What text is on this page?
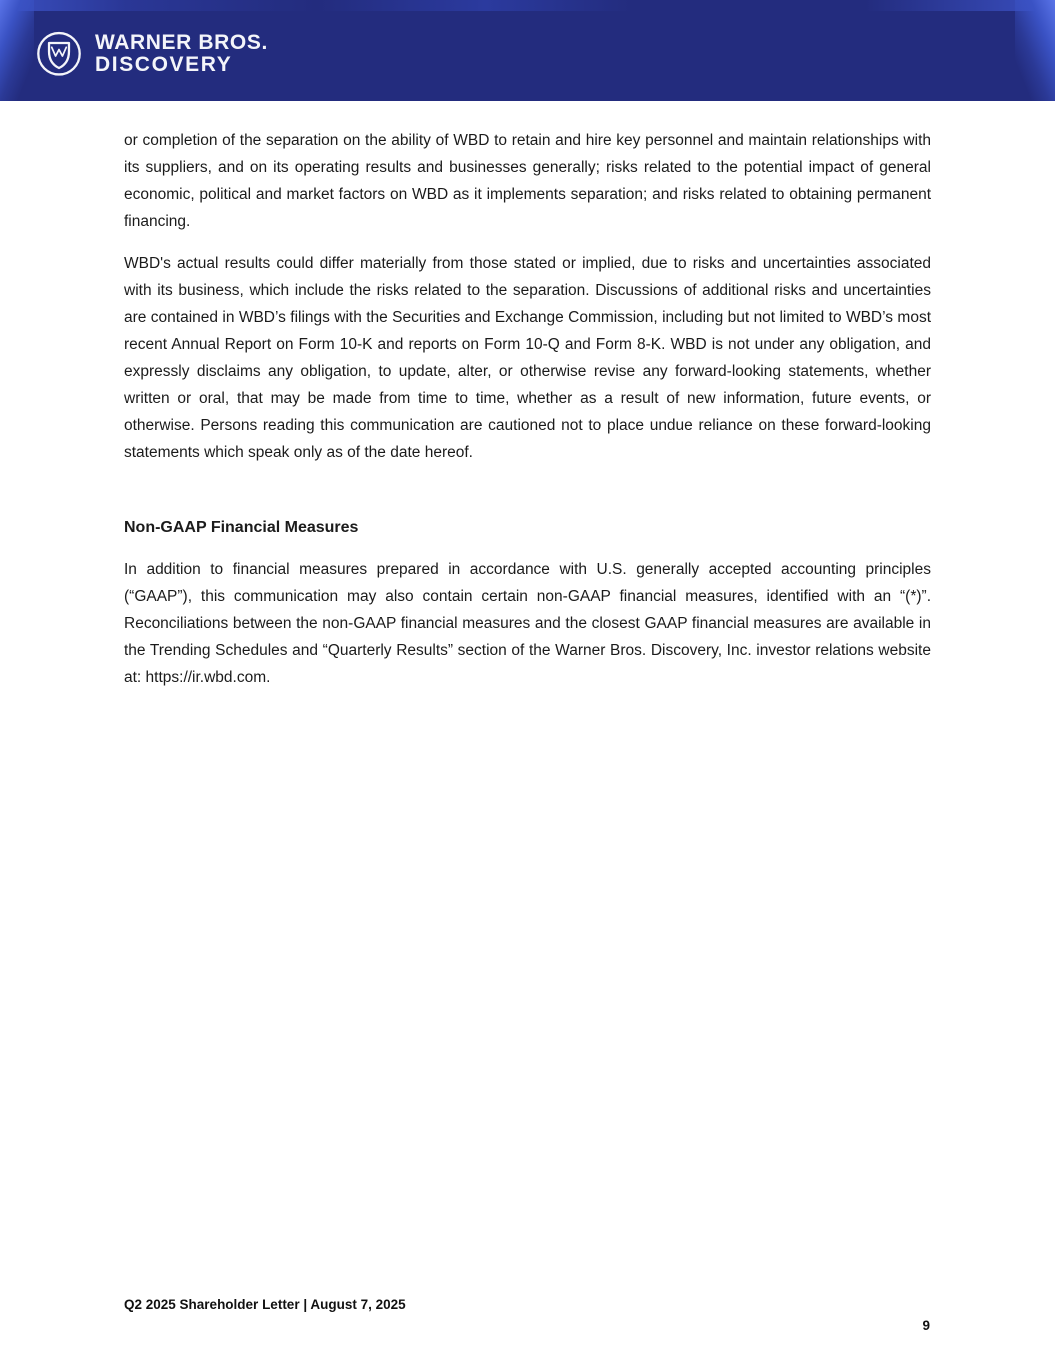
WARNER BROS.
DISCOVERY

or completion of the separation on the ability of WBD to retain and hire key personnel and maintain relationships with its suppliers, and on its operating results and businesses generally; risks related to the potential impact of general economic, political and market factors on WBD as it implements separation; and risks related to obtaining permanent financing.

WBD's actual results could differ materially from those stated or implied, due to risks and uncertainties associated with its business, which include the risks related to the separation. Discussions of additional risks and uncertainties are contained in WBD’s filings with the Securities and Exchange Commission, including but not limited to WBD’s most recent Annual Report on Form 10-K and reports on Form 10-Q and Form 8-K. WBD is not under any obligation, and expressly disclaims any obligation, to update, alter, or otherwise revise any forward-looking statements, whether written or oral, that may be made from time to time, whether as a result of new information, future events, or otherwise. Persons reading this communication are cautioned not to place undue reliance on these forward-looking statements which speak only as of the date hereof.

Non-GAAP Financial Measures

In addition to financial measures prepared in accordance with U.S. generally accepted accounting principles (“GAAP”), this communication may also contain certain non-GAAP financial measures, identified with an “(*)”. Reconciliations between the non-GAAP financial measures and the closest GAAP financial measures are available in the Trending Schedules and “Quarterly Results” section of the Warner Bros. Discovery, Inc. investor relations website at: https://ir.wbd.com.

Q2 2025 Shareholder Letter | August 7, 2025
9
